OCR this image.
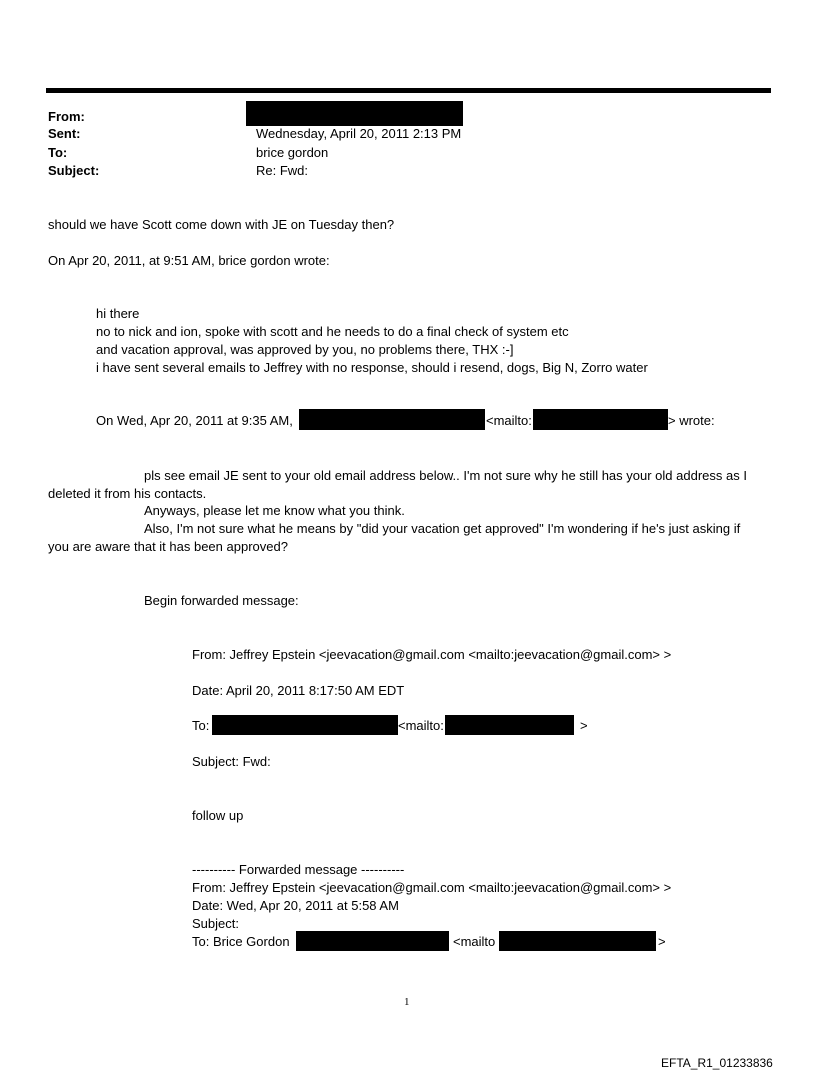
From:
Sent:	Wednesday, April 20, 2011 2:13 PM
To:	brice gordon
Subject:	Re: Fwd:
should we have Scott come down with JE on Tuesday then?
On Apr 20, 2011, at 9:51 AM, brice gordon wrote:
hi there
no to nick and ion, spoke with scott and he needs to do a final check of system etc
and vacation approval, was approved by you, no problems there, THX :-]
i have sent several emails to Jeffrey with no response, should i resend, dogs, Big N, Zorro water
On Wed, Apr 20, 2011 at 9:35 AM,	<mailto:	> wrote:
pls see email JE sent to your old email address below.. I'm not sure why he still has your old address as I
deleted it from his contacts.
Anyways, please let me know what you think.
Also, I'm not sure what he means by "did your vacation get approved" I'm wondering if he's just asking if
you are aware that it has been approved?
Begin forwarded message:
From: Jeffrey Epstein <jeevacation@gmail.com <mailto:jeevacation@gmail.com> >
Date: April 20, 2011 8:17:50 AM EDT
To:	<mailto:	>
Subject: Fwd:
follow up
---------- Forwarded message ----------
From: Jeffrey Epstein <jeevacation@gmail.com <mailto:jeevacation@gmail.com> >
Date: Wed, Apr 20, 2011 at 5:58 AM
Subject:
To: Brice Gordon	<mailto	>
1
EFTA_R1_01233836
